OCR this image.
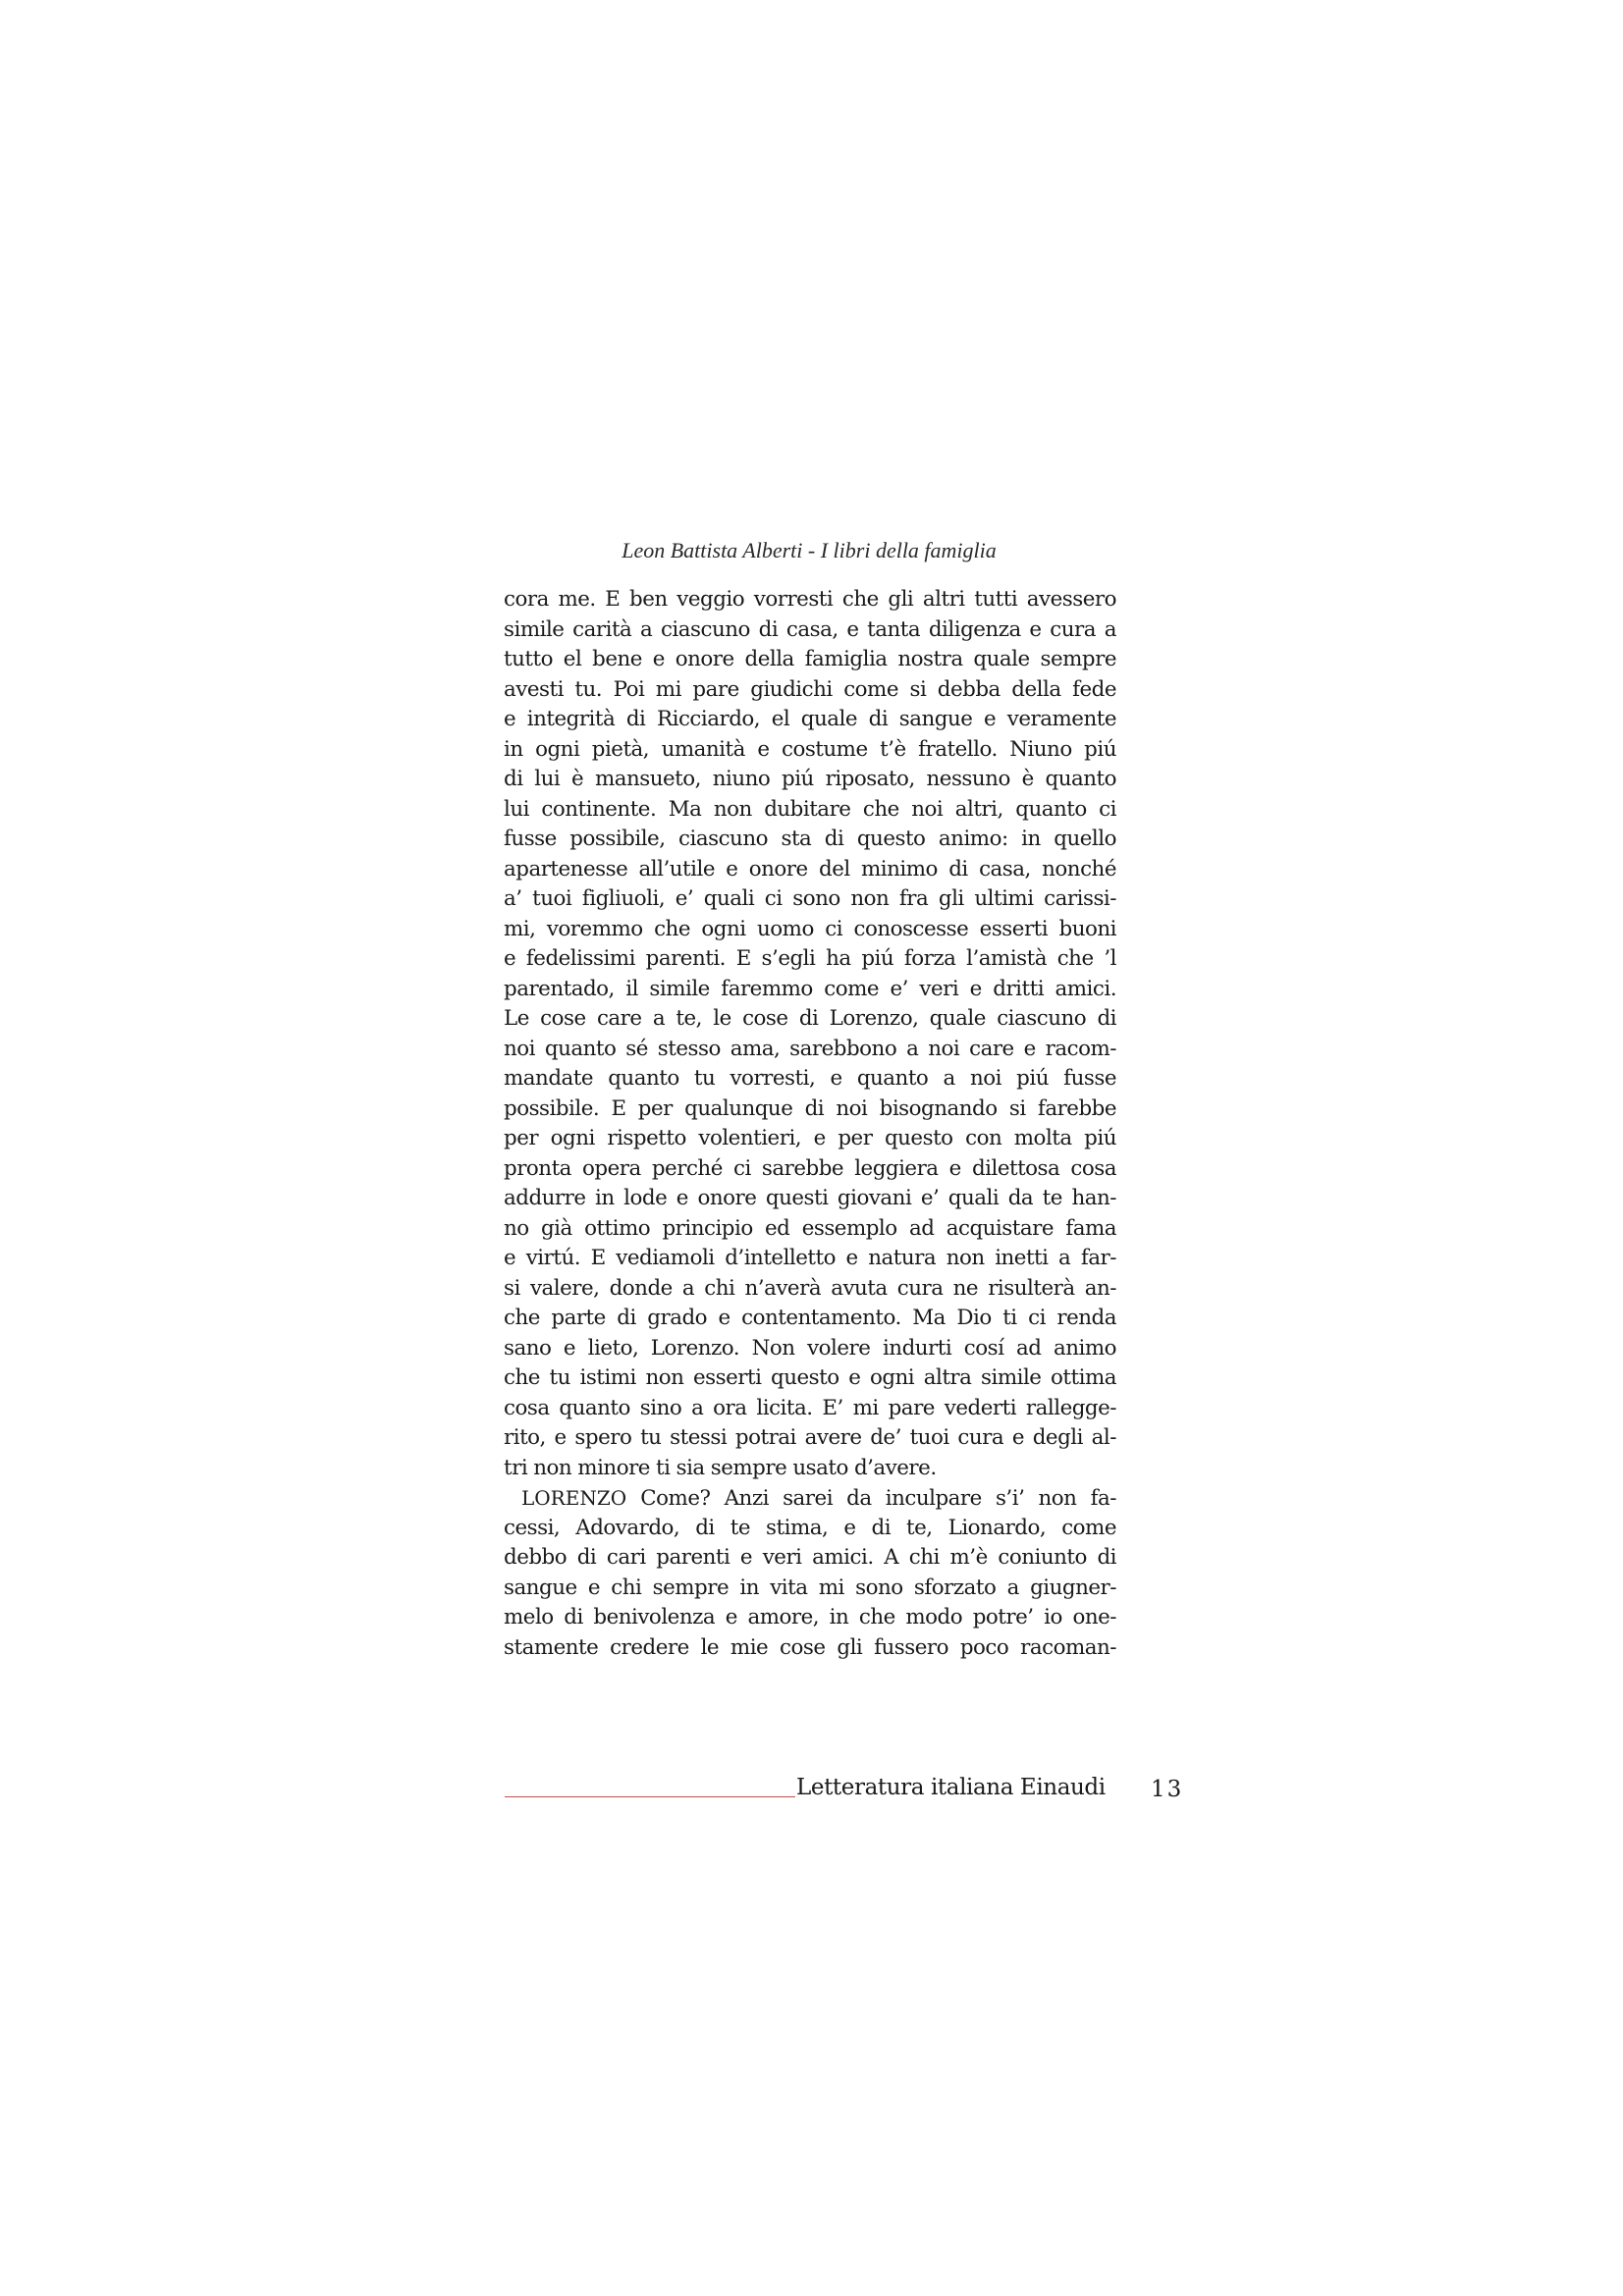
Leon Battista Alberti - I libri della famiglia
cora me. E ben veggio vorresti che gli altri tutti avessero
simile carità a ciascuno di casa, e tanta diligenza e cura a
tutto el bene e onore della famiglia nostra quale sempre
avesti tu. Poi mi pare giudichi come si debba della fede
e integrità di Ricciardo, el quale di sangue e veramente
in ogni pietà, umanità e costume t’è fratello. Niuno piú
di lui è mansueto, niuno piú riposato, nessuno è quanto
lui continente. Ma non dubitare che noi altri, quanto ci
fusse possibile, ciascuno sta di questo animo: in quello
apartenesse all’utile e onore del minimo di casa, nonché
a’ tuoi figliuoli, e’ quali ci sono non fra gli ultimi carissi-
mi, voremmo che ogni uomo ci conoscesse esserti buoni
e fedelissimi parenti. E s’egli ha piú forza l’amistà che ’l
parentado, il simile faremmo come e’ veri e dritti amici.
Le cose care a te, le cose di Lorenzo, quale ciascuno di
noi quanto sé stesso ama, sarebbono a noi care e racom-
mandate quanto tu vorresti, e quanto a noi piú fusse
possibile. E per qualunque di noi bisognando si farebbe
per ogni rispetto volentieri, e per questo con molta piú
pronta opera perché ci sarebbe leggiera e dilettosa cosa
addurre in lode e onore questi giovani e’ quali da te han-
no già ottimo principio ed essemplo ad acquistare fama
e virtú. E vediamoli d’intelletto e natura non inetti a far-
si valere, donde a chi n’averà avuta cura ne risulterà an-
che parte di grado e contentamento. Ma Dio ti ci renda
sano e lieto, Lorenzo. Non volere indurti cosí ad animo
che tu istimi non esserti questo e ogni altra simile ottima
cosa quanto sino a ora licita. E’ mi pare vederti ralleggе-
rito, e spero tu stessi potrai avere de’ tuoi cura e degli al-
tri non minore ti sia sempre usato d’avere.
LORENZO Come? Anzi sarei da inculpare s’i’ non fa-
cessi, Adovardo, di te stima, e di te, Lionardo, come
debbo di cari parenti e veri amici. A chi m’è coniunto di
sangue e chi sempre in vita mi sono sforzato a giugner-
melo di benivolenza e amore, in che modo potre’ io one-
stamente credere le mie cose gli fussero poco racoman-
Letteratura italiana Einaudi 13
